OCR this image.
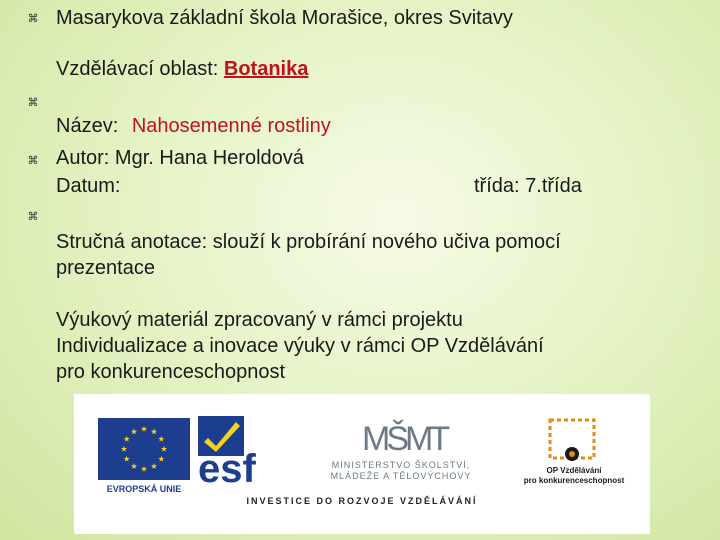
⌘
⌘
⌘
⌘
Masarykova základní škola Morašice, okres Svitavy
Vzdělávací oblast: Botanika
Název: Nahosemenné rostliny
Autor: Mgr. Hana Heroldová
Datum:	třída: 7.třída
Stručná anotace: slouží k probírání nového učiva pomocí
prezentace
Výukový materiál zpracovaný v rámci projektu
Individualizace a inovace výuky v rámci OP Vzdělávání
pro konkurenceschopnost
EVROPSKÁ UNIE esf
MŠMT
MINISTERSTVO ŠKOLSTVÍ,
MLÁDEŽE A TĚLOVÝCHOVY
OP Vzdělávání
pro konkurenceschopnost
INVESTICE DO ROZVOJE VZDĚLÁVÁNÍ
